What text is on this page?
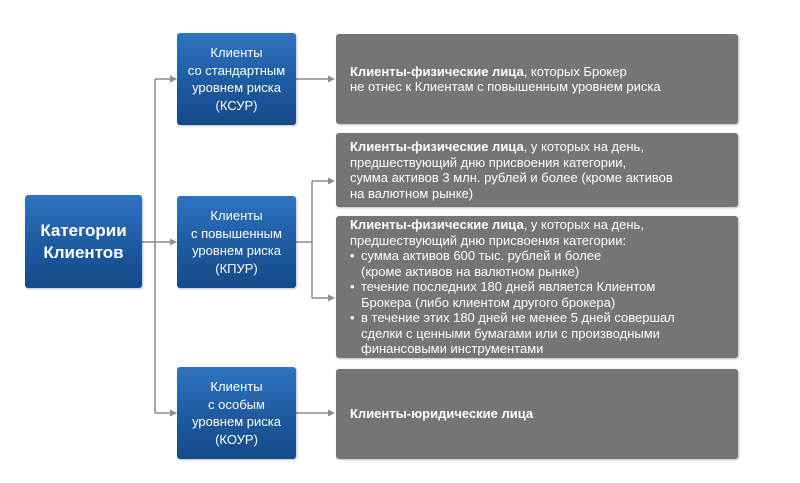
Категории
Клиентов
Клиенты
со стандартным
уровнем риска
(КСУР)
Клиенты
с повышенным
уровнем риска
(КПУР)
Клиенты
с особым
уровнем риска
(КОУР)
Клиенты-физические лица, которых Брокер
не отнес к Клиентам с повышенным уровнем риска
Клиенты-физические лица, у которых на день,
предшествующий дню присвоения категории,
сумма активов 3 млн. рублей и более (кроме активов
на валютном рынке)
Клиенты-физические лица, у которых на день,
предшествующий дню присвоения категории:
• сумма активов 600 тыс. рублей и более
(кроме активов на валютном рынке)
• течение последних 180 дней является Клиентом
Брокера (либо клиентом другого брокера)
• в течение этих 180 дней не менее 5 дней совершал
сделки с ценными бумагами или с производными
финансовыми инструментами
Клиенты-юридические лица
